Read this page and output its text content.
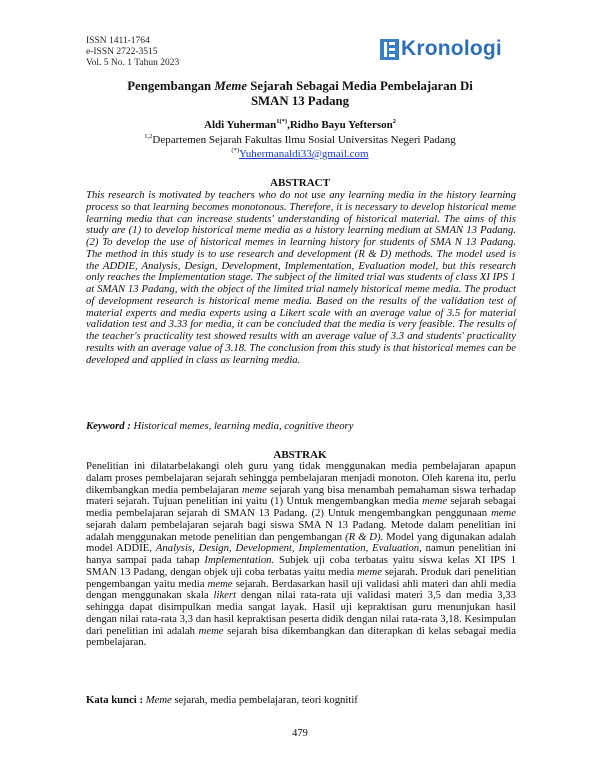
ISSN 1411-1764
e-ISSN 2722-3515
Vol. 5 No. 1 Tahun 2023
Kronologi
Pengembangan Meme Sejarah Sebagai Media Pembelajaran Di
SMAN 13 Padang
Aldi Yuherman$^{1(*)}$,Ridho Bayu Yefterson$^2$
$^{1,2}$Departemen Sejarah Fakultas Ilmu Sosial Universitas Negeri Padang
(*)Yuhermanaldi33@gmail.com
ABSTRACT
This research is motivated by teachers who do not use any learning media in the history learning process so that learning becomes monotonous. Therefore, it is necessary to develop historical meme learning media that can increase students' understanding of historical material. The aims of this study are (1) to develop historical meme media as a history learning medium at SMAN 13 Padang. (2) To develop the use of historical memes in learning history for students of SMA N 13 Padang. The method in this study is to use research and development (R & D) methods. The model used is the ADDIE, Analysis, Design, Development, Implementation, Evaluation model, but this research only reaches the Implementation stage. The subject of the limited trial was students of class XI IPS 1 at SMAN 13 Padang, with the object of the limited trial namely historical meme media. The product of development research is historical meme media. Based on the results of the validation test of material experts and media experts using a Likert scale with an average value of 3.5 for material validation test and 3.33 for media, it can be concluded that the media is very feasible. The results of the teacher's practicality test showed results with an average value of 3.3 and students' practicality results with an average value of 3.18. The conclusion from this study is that historical memes can be developed and applied in class as learning media.
Keyword : Historical memes, learning media, cognitive theory
ABSTRAK
Penelitian ini dilatarbelakangi oleh guru yang tidak menggunakan media pembelajaran apapun dalam proses pembelajaran sejarah sehingga pembelajaran menjadi monoton. Oleh karena itu, perlu dikembangkan media pembelajaran meme sejarah yang bisa menambah pemahaman siswa terhadap materi sejarah. Tujuan penelitian ini yaitu (1) Untuk mengembangkan media meme sejarah sebagai media pembelajaran sejarah di SMAN 13 Padang. (2) Untuk mengembangkan penggunaan meme sejarah dalam pembelajaran sejarah bagi siswa SMA N 13 Padang. Metode dalam penelitian ini adalah menggunakan metode penelitian dan pengembangan (R & D). Model yang digunakan adalah model ADDIE, Analysis, Design, Development, Implementation, Evaluation, namun penelitian ini hanya sampai pada tahap Implementation. Subjek uji coba terbatas yaitu siswa kelas XI IPS 1 SMAN 13 Padang, dengan objek uji coba terbatas yaitu media meme sejarah. Produk dari penelitian pengembangan yaitu media meme sejarah. Berdasarkan hasil uji validasi ahli materi dan ahli media dengan menggunakan skala likert dengan nilai rata-rata uji validasi materi 3,5 dan media 3,33 sehingga dapat disimpulkan media sangat layak. Hasil uji kepraktisan guru menunjukan hasil dengan nilai rata-rata 3,3 dan hasil kepraktisan peserta didik dengan nilai rata-rata 3,18. Kesimpulan dari penelitian ini adalah meme sejarah bisa dikembangkan dan diterapkan di kelas sebagai media pembelajaran.
Kata kunci : Meme sejarah, media pembelajaran, teori kognitif
479
